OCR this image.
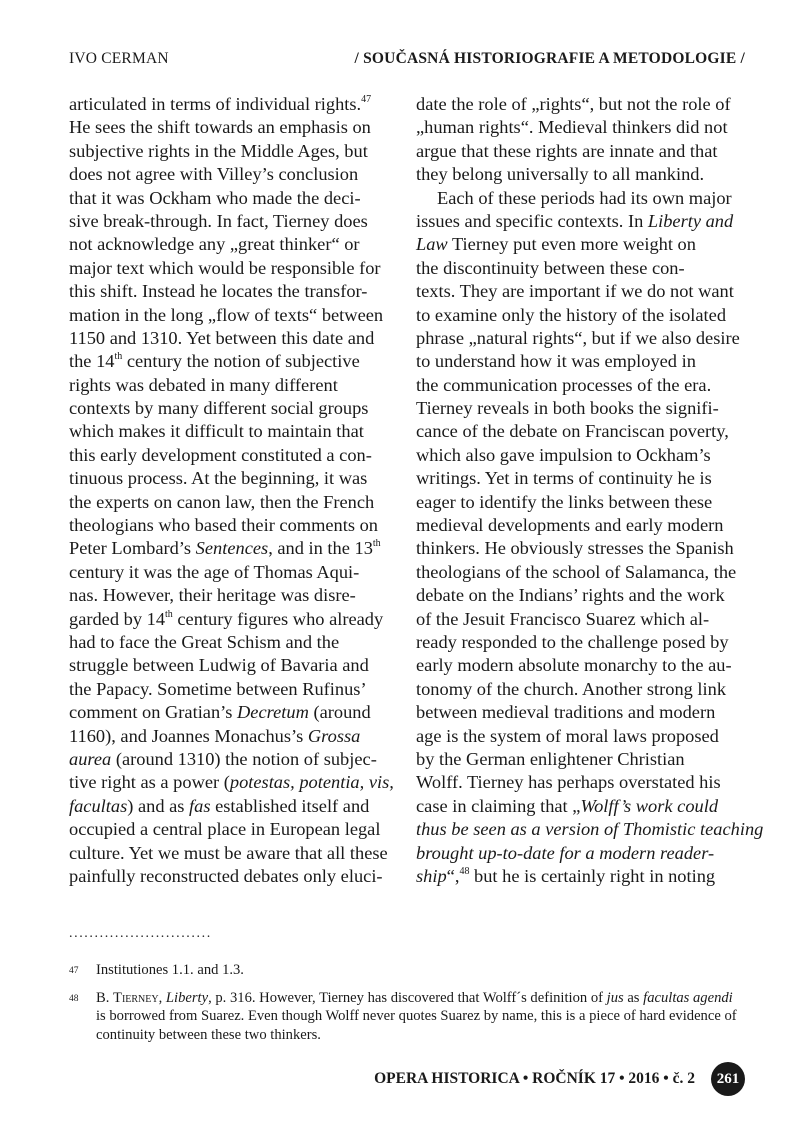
IVO CERMAN	/ SOUČASNÁ HISTORIOGRAFIE A METODOLOGIE /
articulated in terms of individual rights.$^{47}$
He sees the shift towards an emphasis on
subjective rights in the Middle Ages, but
does not agree with Villey’s conclusion
that it was Ockham who made the deci-
sive break-through. In fact, Tierney does
not acknowledge any „great thinker“ or
major text which would be responsible for
this shift. Instead he locates the transfor-
mation in the long „flow of texts“ between
1150 and 1310. Yet between this date and
the 14th century the notion of subjective
rights was debated in many different
contexts by many different social groups
which makes it difficult to maintain that
this early development constituted a con-
tinuous process. At the beginning, it was
the experts on canon law, then the French
theologians who based their comments on
Peter Lombard’s Sentences, and in the 13th
century it was the age of Thomas Aqui-
nas. However, their heritage was disre-
garded by 14th century figures who already
had to face the Great Schism and the
struggle between Ludwig of Bavaria and
the Papacy. Sometime between Rufinus’
comment on Gratian’s Decretum (around
1160), and Joannes Monachus’s Grossa
aurea (around 1310) the notion of subjec-
tive right as a power (potestas, potentia, vis,
facultas) and as fas established itself and
occupied a central place in European legal
culture. Yet we must be aware that all these
painfully reconstructed debates only eluci-
date the role of „rights“, but not the role of
„human rights“. Medieval thinkers did not
argue that these rights are innate and that
they belong universally to all mankind.
Each of these periods had its own major
issues and specific contexts. In Liberty and
Law Tierney put even more weight on
the discontinuity between these con-
texts. They are important if we do not want
to examine only the history of the isolated
phrase „natural rights“, but if we also desire
to understand how it was employed in
the communication processes of the era.
Tierney reveals in both books the signifi-
cance of the debate on Franciscan poverty,
which also gave impulsion to Ockham’s
writings. Yet in terms of continuity he is
eager to identify the links between these
medieval developments and early modern
thinkers. He obviously stresses the Spanish
theologians of the school of Salamanca, the
debate on the Indians’ rights and the work
of the Jesuit Francisco Suarez which al-
ready responded to the challenge posed by
early modern absolute monarchy to the au-
tonomy of the church. Another strong link
between medieval traditions and modern
age is the system of moral laws proposed
by the German enlightener Christian
Wolff. Tierney has perhaps overstated his
case in claiming that „Wolff’s work could
thus be seen as a version of Thomistic teaching
brought up-to-date for a modern reader-
ship“,$^{48}$ but he is certainly right in noting
............................
47 Institutiones 1.1. and 1.3.
48 B. Tierney, Liberty, p. 316. However, Tierney has discovered that Wolff´s definition of jus as facultas agendi is borrowed from Suarez. Even though Wolff never quotes Suarez by name, this is a piece of hard evidence of continuity between these two thinkers.
OPERA HISTORICA • ROČNÍK 17 • 2016 • č. 2	261
